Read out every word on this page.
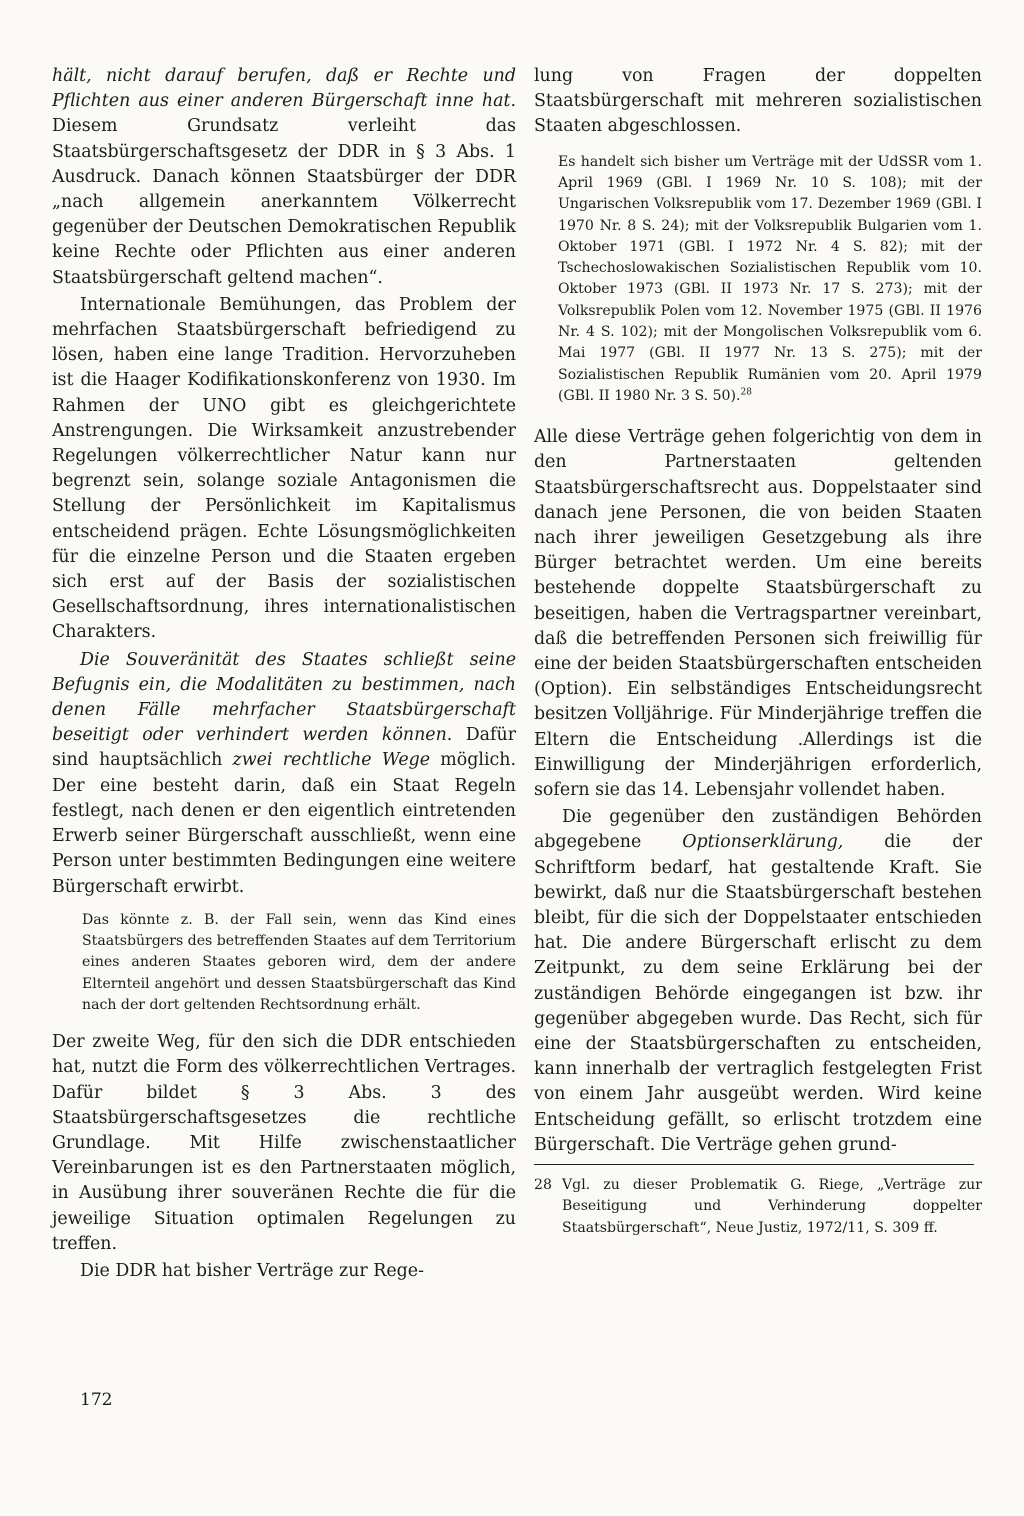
hält, nicht darauf berufen, daß er Rechte und Pflichten aus einer anderen Bürgerschaft inne hat. Diesem Grundsatz verleiht das Staatsbürgerschaftsgesetz der DDR in § 3 Abs. 1 Ausdruck. Danach können Staatsbürger der DDR „nach allgemein anerkanntem Völkerrecht gegenüber der Deutschen Demokratischen Republik keine Rechte oder Pflichten aus einer anderen Staatsbürgerschaft geltend machen“.

Internationale Bemühungen, das Problem der mehrfachen Staatsbürgerschaft befriedigend zu lösen, haben eine lange Tradition. Hervorzuheben ist die Haager Kodifikationskonferenz von 1930. Im Rahmen der UNO gibt es gleichgerichtete Anstrengungen. Die Wirksamkeit anzustrebender Regelungen völkerrechtlicher Natur kann nur begrenzt sein, solange soziale Antagonismen die Stellung der Persönlichkeit im Kapitalismus entscheidend prägen. Echte Lösungsmöglichkeiten für die einzelne Person und die Staaten ergeben sich erst auf der Basis der sozialistischen Gesellschaftsordnung, ihres internationalistischen Charakters.

Die Souveränität des Staates schließt seine Befugnis ein, die Modalitäten zu bestimmen, nach denen Fälle mehrfacher Staatsbürgerschaft beseitigt oder verhindert werden können. Dafür sind hauptsächlich zwei rechtliche Wege möglich. Der eine besteht darin, daß ein Staat Regeln festlegt, nach denen er den eigentlich eintretenden Erwerb seiner Bürgerschaft ausschließt, wenn eine Person unter bestimmten Bedingungen eine weitere Bürgerschaft erwirbt.

Das könnte z. B. der Fall sein, wenn das Kind eines Staatsbürgers des betreffenden Staates auf dem Territorium eines anderen Staates geboren wird, dem der andere Elternteil angehört und dessen Staatsbürgerschaft das Kind nach der dort geltenden Rechtsordnung erhält.

Der zweite Weg, für den sich die DDR entschieden hat, nutzt die Form des völkerrechtlichen Vertrages. Dafür bildet § 3 Abs. 3 des Staatsbürgerschaftsgesetzes die rechtliche Grundlage. Mit Hilfe zwischenstaatlicher Vereinbarungen ist es den Partnerstaaten möglich, in Ausübung ihrer souveränen Rechte die für die jeweilige Situation optimalen Regelungen zu treffen.

Die DDR hat bisher Verträge zur Rege-

lung von Fragen der doppelten Staatsbürgerschaft mit mehreren sozialistischen Staaten abgeschlossen.

Es handelt sich bisher um Verträge mit der UdSSR vom 1. April 1969 (GBl. I 1969 Nr. 10 S. 108); mit der Ungarischen Volksrepublik vom 17. Dezember 1969 (GBl. I 1970 Nr. 8 S. 24); mit der Volksrepublik Bulgarien vom 1. Oktober 1971 (GBl. I 1972 Nr. 4 S. 82); mit der Tschechoslowakischen Sozialistischen Republik vom 10. Oktober 1973 (GBl. II 1973 Nr. 17 S. 273); mit der Volksrepublik Polen vom 12. November 1975 (GBl. II 1976 Nr. 4 S. 102); mit der Mongolischen Volksrepublik vom 6. Mai 1977 (GBl. II 1977 Nr. 13 S. 275); mit der Sozialistischen Republik Rumänien vom 20. April 1979 (GBl. II 1980 Nr. 3 S. 50).$^{28}$

Alle diese Verträge gehen folgerichtig von dem in den Partnerstaaten geltenden Staatsbürgerschaftsrecht aus. Doppelstaater sind danach jene Personen, die von beiden Staaten nach ihrer jeweiligen Gesetzgebung als ihre Bürger betrachtet werden. Um eine bereits bestehende doppelte Staatsbürgerschaft zu beseitigen, haben die Vertragspartner vereinbart, daß die betreffenden Personen sich freiwillig für eine der beiden Staatsbürgerschaften entscheiden (Option). Ein selbständiges Entscheidungsrecht besitzen Volljährige. Für Minderjährige treffen die Eltern die Entscheidung .Allerdings ist die Einwilligung der Minderjährigen erforderlich, sofern sie das 14. Lebensjahr vollendet haben.

Die gegenüber den zuständigen Behörden abgegebene Optionserklärung, die der Schriftform bedarf, hat gestaltende Kraft. Sie bewirkt, daß nur die Staatsbürgerschaft bestehen bleibt, für die sich der Doppelstaater entschieden hat. Die andere Bürgerschaft erlischt zu dem Zeitpunkt, zu dem seine Erklärung bei der zuständigen Behörde eingegangen ist bzw. ihr gegenüber abgegeben wurde. Das Recht, sich für eine der Staatsbürgerschaften zu entscheiden, kann innerhalb der vertraglich festgelegten Frist von einem Jahr ausgeübt werden. Wird keine Entscheidung gefällt, so erlischt trotzdem eine Bürgerschaft. Die Verträge gehen grund-

28 Vgl. zu dieser Problematik G. Riege, „Verträge zur Beseitigung und Verhinderung doppelter Staatsbürgerschaft“, Neue Justiz, 1972/11, S. 309 ff.
172
